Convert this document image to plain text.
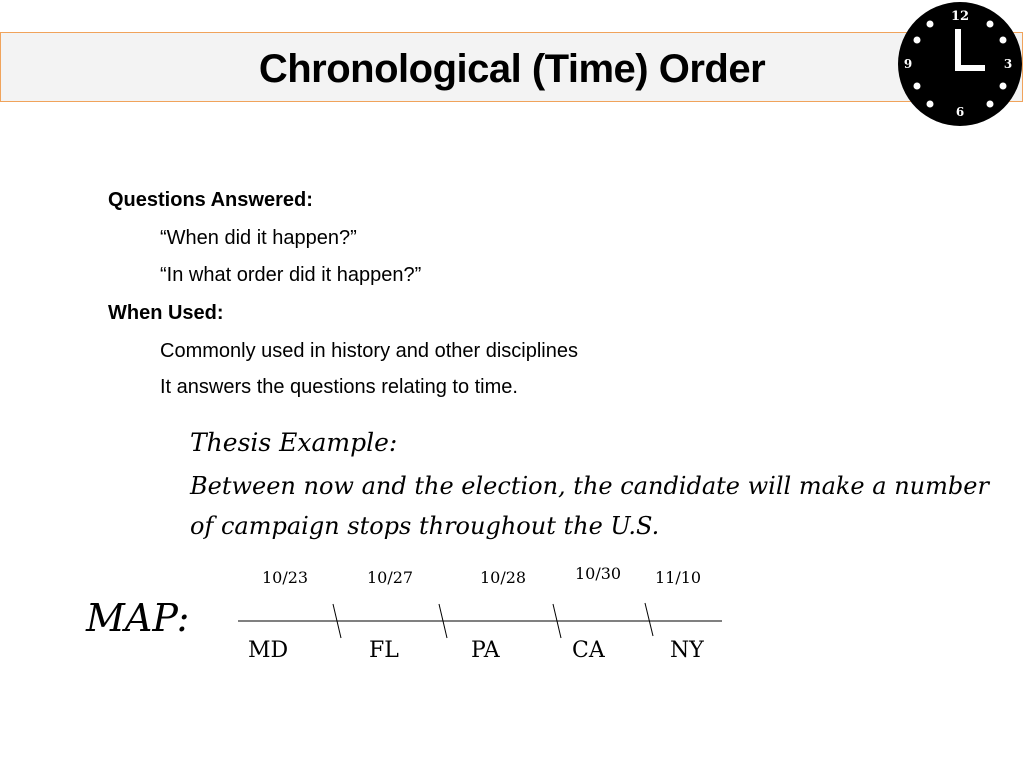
Chronological (Time) Order
12
3
6
9
Questions Answered:
“When did it happen?”
“In what order did it happen?”
When Used:
Commonly used in history and other disciplines
It answers the questions relating to time.
Thesis Example:
Between now and the election, the candidate will make a number
of campaign stops throughout the U.S.
MAP:
10/23	10/27	10/28	10/30 11/10
MD	FL	PA	CA	NY
